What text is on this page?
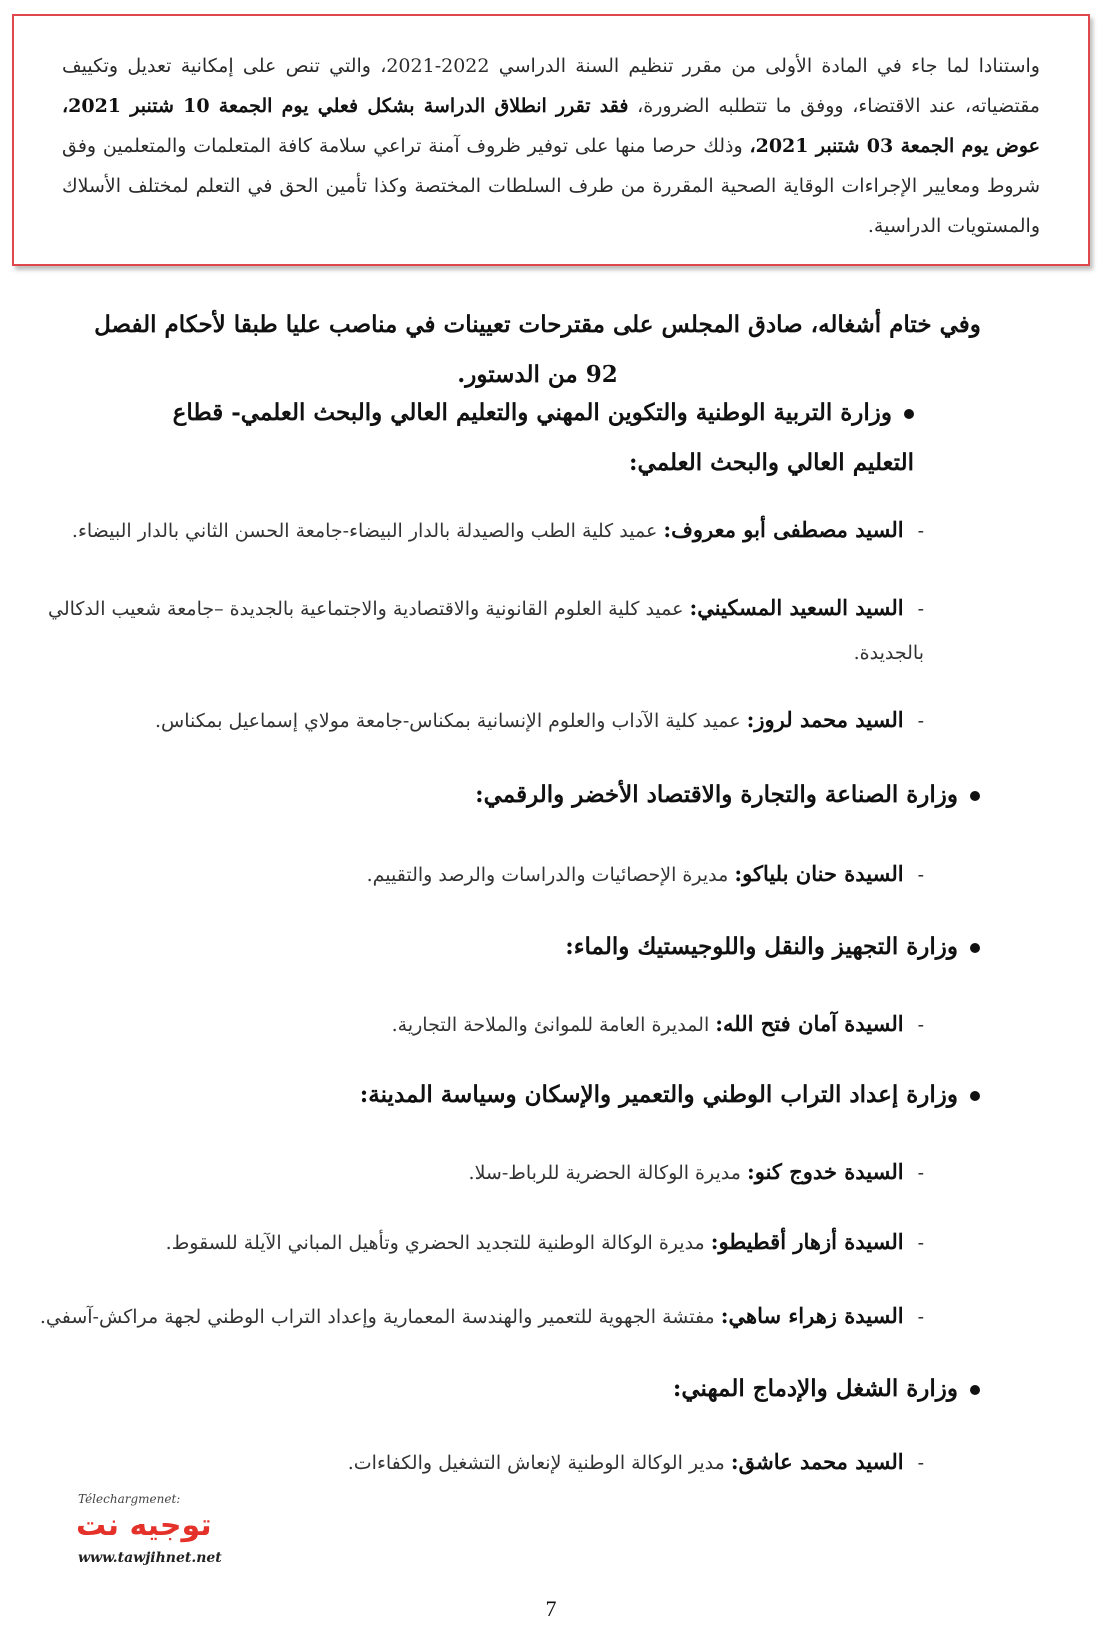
واستنادا لما جاء في المادة الأولى من مقرر تنظيم السنة الدراسي 2022-2021، والتي تنص على إمكانية تعديل وتكييف مقتضياته، عند الاقتضاء، ووفق ما تتطلبه الضرورة، فقد تقرر انطلاق الدراسة بشكل فعلي يوم الجمعة 10 شتنبر 2021، عوض يوم الجمعة 03 شتنبر 2021، وذلك حرصا منها على توفير ظروف آمنة تراعي سلامة كافة المتعلمات والمتعلمين وفق شروط ومعايير الإجراءات الوقاية الصحية المقررة من طرف السلطات المختصة وكذا تأمين الحق في التعلم لمختلف الأسلاك والمستويات الدراسية.
وفي ختام أشغاله، صادق المجلس على مقترحات تعيينات في مناصب عليا طبقا لأحكام الفصل 92 من الدستور.
وزارة التربية الوطنية والتكوين المهني والتعليم العالي والبحث العلمي- قطاع التعليم العالي والبحث العلمي:
-السيد مصطفى أبو معروف: عميد كلية الطب والصيدلة بالدار البيضاء-جامعة الحسن الثاني بالدار البيضاء.
-السيد السعيد المسكيني: عميد كلية العلوم القانونية والاقتصادية والاجتماعية بالجديدة –جامعة شعيب الدكالي بالجديدة.
-السيد محمد لروز: عميد كلية الآداب والعلوم الإنسانية بمكناس-جامعة مولاي إسماعيل بمكناس.
وزارة الصناعة والتجارة والاقتصاد الأخضر والرقمي:
-السيدة حنان بلياكو: مديرة الإحصائيات والدراسات والرصد والتقييم.
وزارة التجهيز والنقل واللوجيستيك والماء:
-السيدة آمان فتح الله: المديرة العامة للموانئ والملاحة التجارية.
وزارة إعداد التراب الوطني والتعمير والإسكان وسياسة المدينة:
-السيدة خدوج كنو: مديرة الوكالة الحضرية للرباط-سلا.
-السيدة أزهار أقطيطو: مديرة الوكالة الوطنية للتجديد الحضري وتأهيل المباني الآيلة للسقوط.
-السيدة زهراء ساهي: مفتشة الجهوية للتعمير والهندسة المعمارية وإعداد التراب الوطني لجهة مراكش-آسفي.
وزارة الشغل والإدماج المهني:
-السيد محمد عاشق: مدير الوكالة الوطنية لإنعاش التشغيل والكفاءات.
Télechargmenet:
توجيه نت
www.tawjihnet.net
7
